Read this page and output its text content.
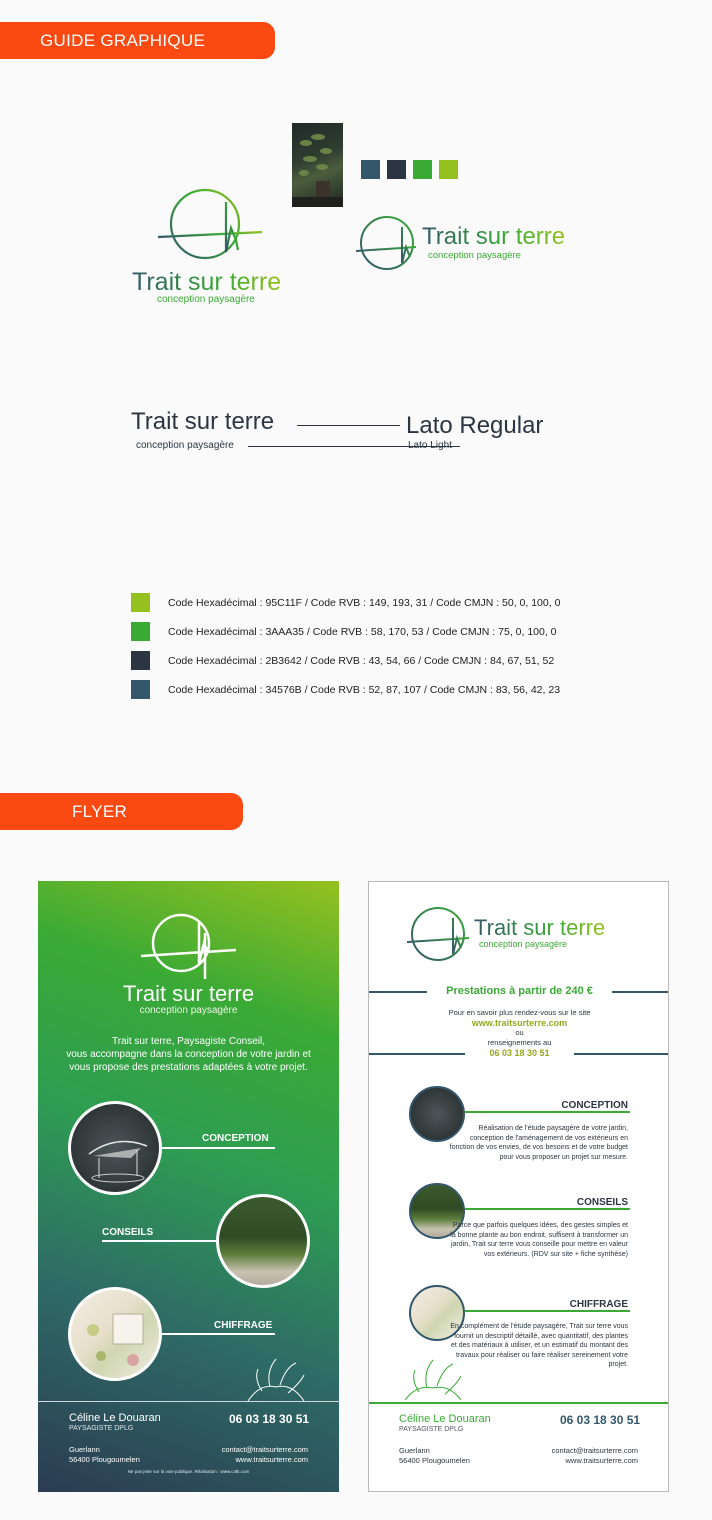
GUIDE GRAPHIQUE
Trait sur terre
conception paysagère
Trait sur terre
conception paysagère
Trait sur terre
conception paysagère
Lato Regular
Lato Light
Code Hexadécimal : 95C11F / Code RVB : 149, 193, 31 / Code CMJN : 50, 0, 100, 0
Code Hexadécimal : 3AAA35 / Code RVB : 58, 170, 53 / Code CMJN : 75, 0, 100, 0
Code Hexadécimal : 2B3642 / Code RVB : 43, 54, 66 / Code CMJN : 84, 67, 51, 52
Code Hexadécimal : 34576B / Code RVB : 52, 87, 107 / Code CMJN : 83, 56, 42, 23
FLYER
Trait sur terre
conception paysagère
Trait sur terre, Paysagiste Conseil,
vous accompagne dans la conception de votre jardin et
vous propose des prestations adaptées à votre projet.
CONCEPTION
CONSEILS
CHIFFRAGE
Céline Le Douaran
PAYSAGISTE DPLG
06 03 18 30 51
Guerlann
56400 Plougoumelen
contact@traitsurterre.com
www.traitsurterre.com
Ne pas jeter sur la voie publique. Réalisation : www.c4tk.com
Trait sur terre
conception paysagère
Prestations à partir de 240 €
Pour en savoir plus rendez-vous sur le site
www.traitsurterre.com
ou
renseignements au
06 03 18 30 51
CONCEPTION
Réalisation de l'étude paysagère de votre jardin, conception de l'aménagement de vos extérieurs en fonction de vos envies, de vos besoins et de votre budget pour vous proposer un projet sur mesure.
CONSEILS
Parce que parfois quelques idées, des gestes simples et la bonne plante au bon endroit, suffisent à transformer un jardin, Trait sur terre vous conseille pour mettre en valeur vos extérieurs. (RDV sur site + fiche synthèse)
CHIFFRAGE
En complément de l'étude paysagère, Trait sur terre vous fournit un descriptif détaillé, avec quantitatif, des plantes et des matériaux à utiliser, et un estimatif du montant des travaux pour réaliser ou faire réaliser sereinement votre projet.
Céline Le Douaran
PAYSAGISTE DPLG
06 03 18 30 51
Guerlann
56400 Plougoumelen
contact@traitsurterre.com
www.traitsurterre.com
